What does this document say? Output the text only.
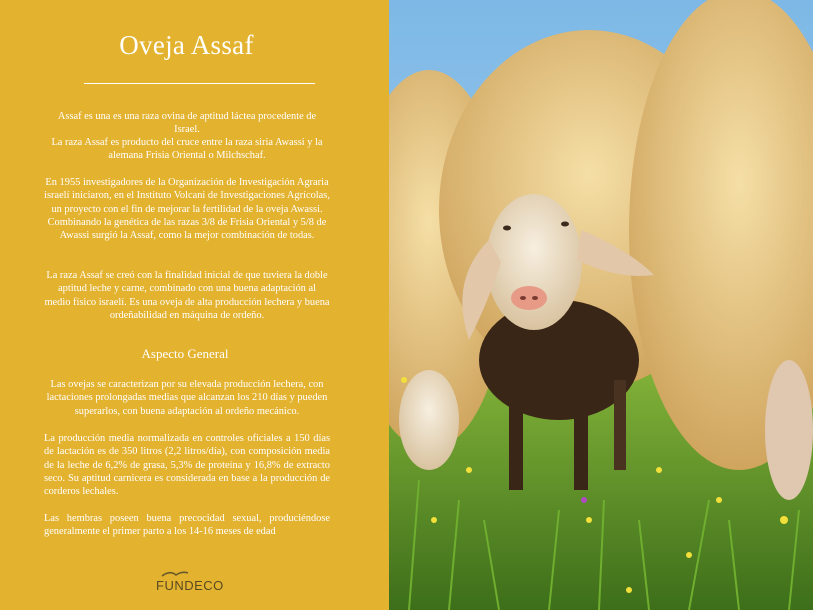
Oveja Assaf

Assaf es una es una raza ovina de aptitud láctea procedente de Israel.

La raza Assaf es producto del cruce entre la raza siria Awassi y la alemana Frisia Oriental o Milchschaf.

En 1955 investigadores de la Organización de Investigación Agraria israelí iniciaron, en el Instituto Volcani de Investigaciones Agrícolas, un proyecto con el fin de mejorar la fertilidad de la oveja Awassi. Combinando la genética de las razas 3/8 de Frisia Oriental y 5/8 de Awassi surgió la Assaf, como la mejor combinación de todas.

La raza Assaf se creó con la finalidad inicial de que tuviera la doble aptitud leche y carne, combinado con una buena adaptación al medio físico israelí. Es una oveja de alta producción lechera y buena ordeñabilidad en máquina de ordeño.

Aspecto General

Las ovejas se caracterizan por su elevada producción lechera, con lactaciones prolongadas medias que alcanzan los 210 días y pueden superarlos, con buena adaptación al ordeño mecánico.

La producción media normalizada en controles oficiales a 150 días de lactación es de 350 litros (2,2 litros/día), con composición media de la leche de 6,2% de grasa, 5,3% de proteína y 16,8% de extracto seco. Su aptitud carnicera es considerada en base a la producción de corderos lechales.

Las hembras poseen buena precocidad sexual, produciéndose generalmente el primer parto a los 14-16 meses de edad

FUNDECO
